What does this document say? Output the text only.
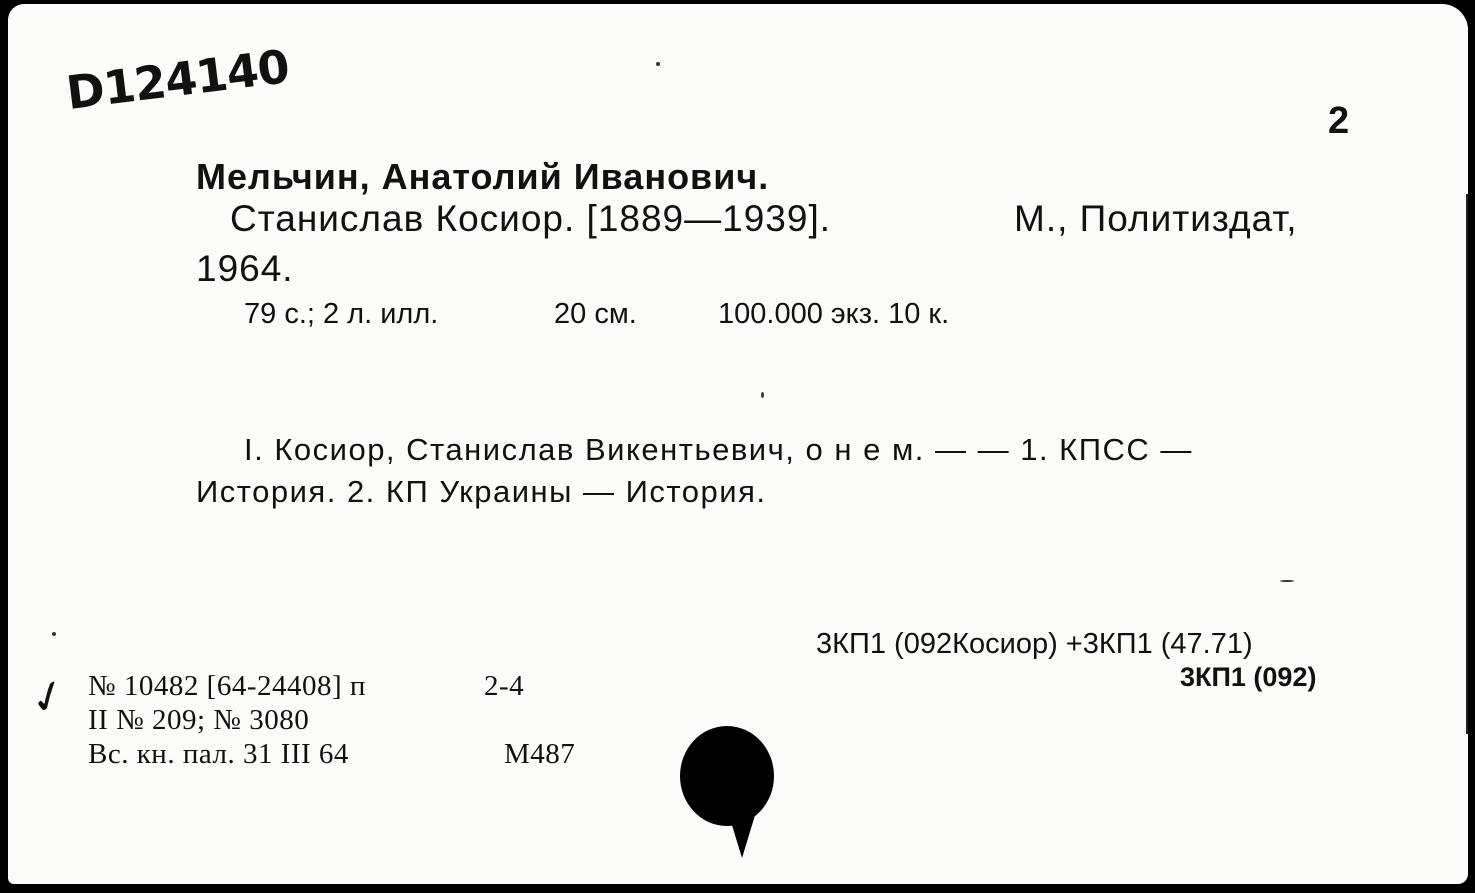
D124140
2
Мельчин, Анатолий Иванович.
Станислав Косиор. [1889—1939].	М., Политиздат,
1964.
79 с.; 2 л. илл.	20 см.	100.000 экз. 10 к.
I. Косиор, Станислав Викентьевич, о н е м. — — 1. КПСС —
История. 2. КП Украины — История.
3КП1 (092Косиор) +3КП1 (47.71)
3КП1 (092)
№ 10482 [64-24408] п	2-4
II № 209; № 3080
Вс. кн. пал. 31 III 64	М487
✓
